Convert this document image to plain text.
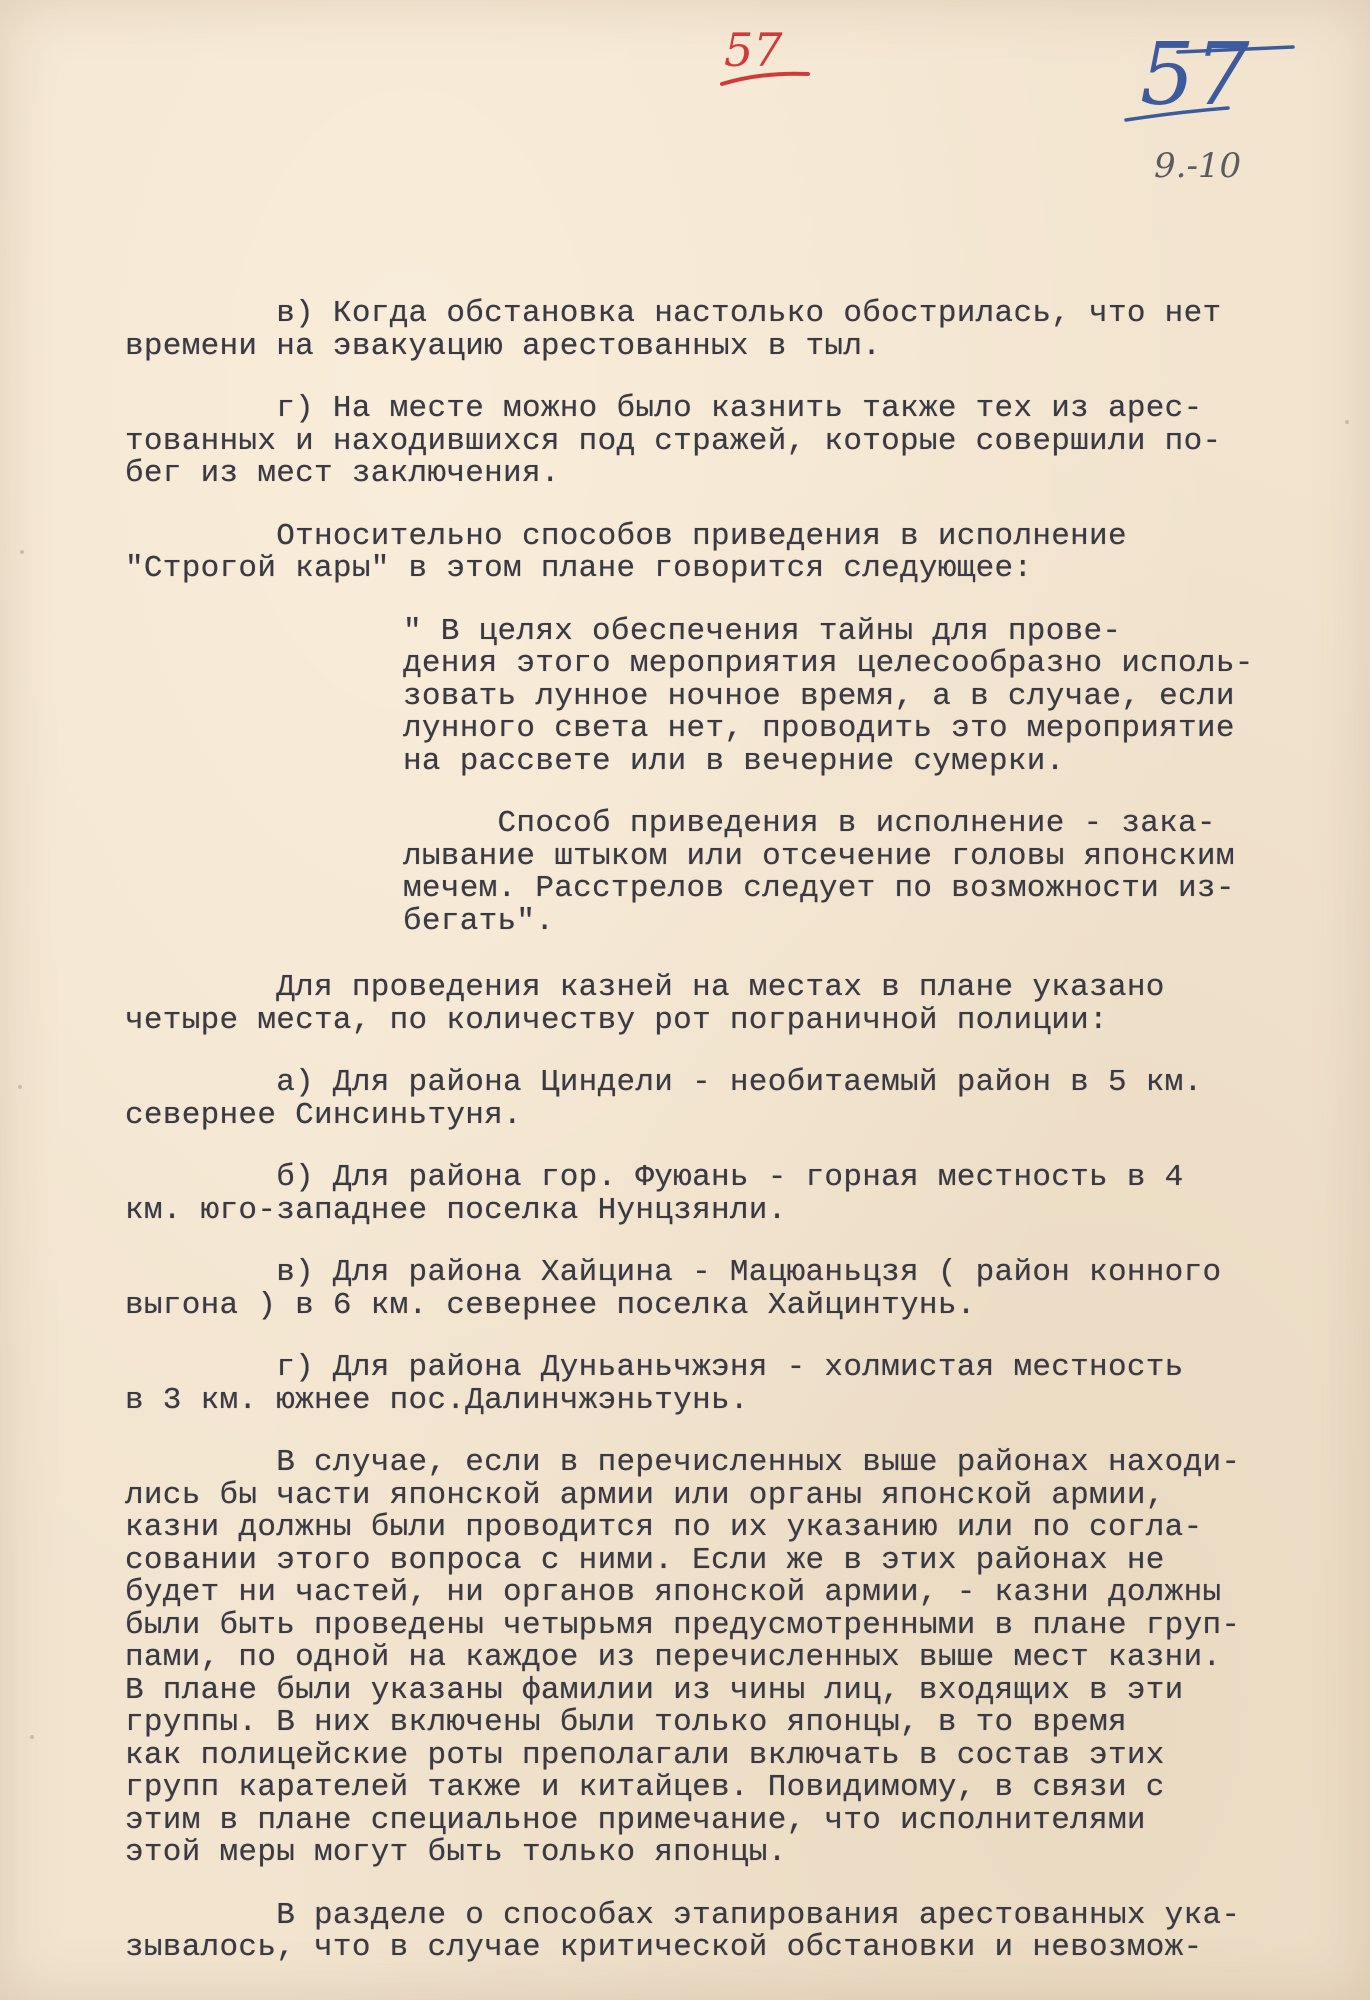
57	57
9.-10

в) Когда обстановка настолько обострилась, что нет
времени на эвакуацию арестованных в тыл.

г) На месте можно было казнить также тех из арес-
тованных и находившихся под стражей, которые совершили по-
бег из мест заключения.

Относительно способов приведения в исполнение
"Строгой кары" в этом плане говорится следующее:

" В целях обеспечения тайны для прове-
дения этого мероприятия целесообразно исполь-
зовать лунное ночное время, а в случае, если
лунного света нет, проводить это мероприятие
на рассвете или в вечерние сумерки.

Способ приведения в исполнение - зака-
лывание штыком или отсечение головы японским
мечем. Расстрелов следует по возможности из-
бегать".

Для проведения казней на местах в плане указано
четыре места, по количеству рот пограничной полиции:

а) Для района Циндели - необитаемый район в 5 км.
севернее Синсиньтуня.

б) Для района гор. Фуюань - горная местность в 4
км. юго-западнее поселка Нунцзянли.

в) Для района Хайцина - Мацюаньцзя ( район конного
выгона ) в 6 км. севернее поселка Хайцинтунь.

г) Для района Дуньаньчжэня - холмистая местность
в 3 км. южнее пос.Далинчжэньтунь.

В случае, если в перечисленных выше районах находи-
лись бы части японской армии или органы японской армии,
казни должны были проводится по их указанию или по согла-
совании этого вопроса с ними. Если же в этих районах не
будет ни частей, ни органов японской армии, - казни должны
были быть проведены четырьмя предусмотренными в плане груп-
пами, по одной на каждое из перечисленных выше мест казни.
В плане были указаны фамилии из чины лиц, входящих в эти
группы. В них включены были только японцы, в то время
как полицейские роты преполагали включать в состав этих
групп карателей также и китайцев. Повидимому, в связи с
этим в плане специальное примечание, что исполнителями
этой меры могут быть только японцы.

В разделе о способах этапирования арестованных ука-
зывалось, что в случае критической обстановки и невозмож-
